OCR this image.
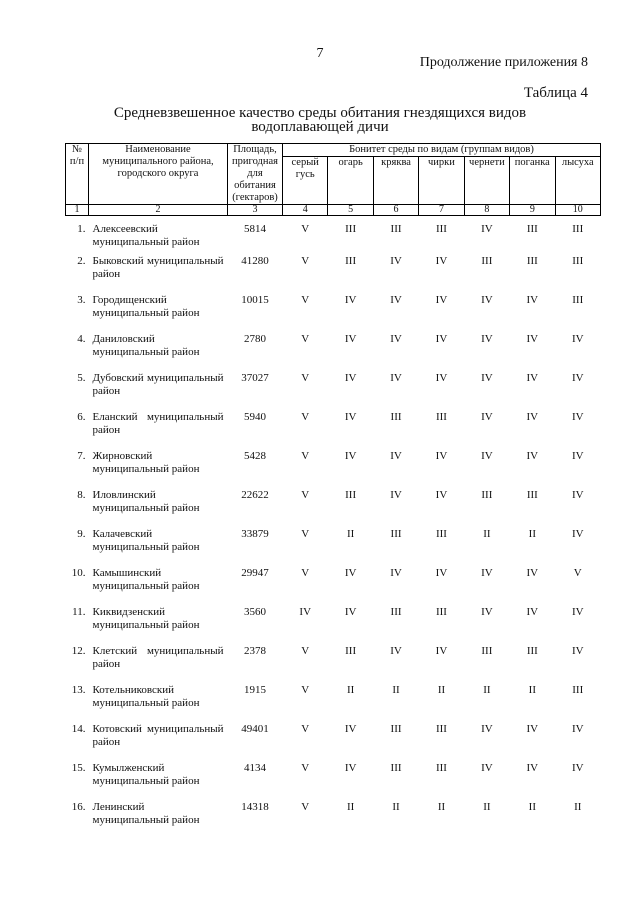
7
Продолжение приложения 8
Таблица 4
Средневзвешенное качество среды обитания гнездящихся видов
водоплавающей дичи
№ п/п	Наименование муниципального района, городского округа	Площадь, пригодная для обитания (гектаров)	Бонитет среды по видам (группам видов)						
			серый гусь	огарь	кряква	чирки	чернети	поганка	лысуха
1	2	3	4	5	6	7	8	9	10
1.	Алексеевский муниципальный район	5814	V	III	III	III	IV	III	III
2.	Быковский муниципальный район	41280	V	III	IV	IV	III	III	III
3.	Городищенский муниципальный район	10015	V	IV	IV	IV	IV	IV	III
4.	Даниловский муниципальный район	2780	V	IV	IV	IV	IV	IV	IV
5.	Дубовский муниципальный район	37027	V	IV	IV	IV	IV	IV	IV
6.	Еланский муниципальный район	5940	V	IV	III	III	IV	IV	IV
7.	Жирновский муниципальный район	5428	V	IV	IV	IV	IV	IV	IV
8.	Иловлинский муниципальный район	22622	V	III	IV	IV	III	III	IV
9.	Калачевский муниципальный район	33879	V	II	III	III	II	II	IV
10.	Камышинский муниципальный район	29947	V	IV	IV	IV	IV	IV	V
11.	Киквидзенский муниципальный район	3560	IV	IV	III	III	IV	IV	IV
12.	Клетский муниципальный район	2378	V	III	IV	IV	III	III	IV
13.	Котельниковский муниципальный район	1915	V	II	II	II	II	II	III
14.	Котовский муниципальный район	49401	V	IV	III	III	IV	IV	IV
15.	Кумылженский муниципальный район	4134	V	IV	III	III	IV	IV	IV
16.	Ленинский муниципальный район	14318	V	II	II	II	II	II	II
